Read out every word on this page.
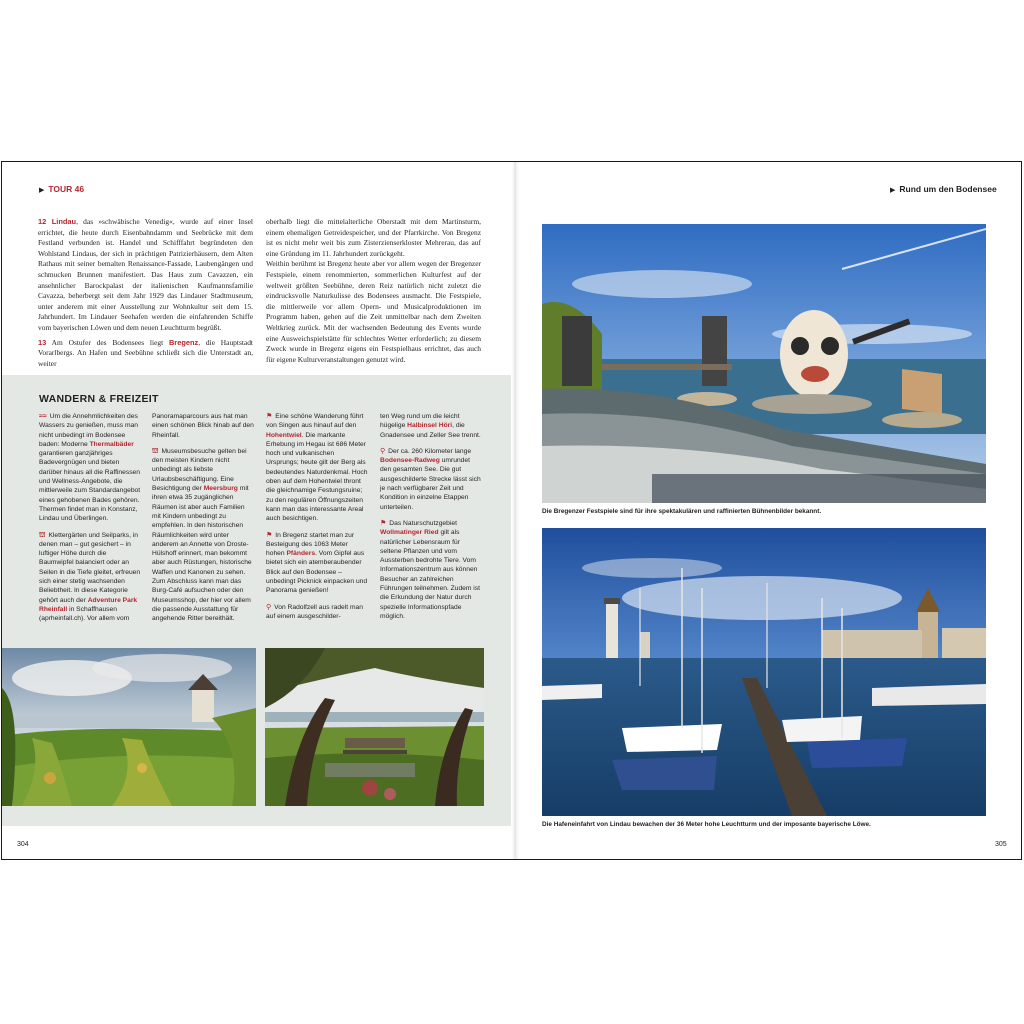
▶ TOUR 46	▶ Rund um den Bodensee

12 Lindau, das »schwäbische Venedig«, wurde auf einer Insel errichtet, die heute durch Eisenbahndamm und Seebrücke mit dem Festland verbunden ist. Handel und Schifffahrt begründeten den Wohlstand Lindaus, der sich in prächtigen Patrizierhäusern, dem Alten Rathaus mit seiner bemalten Renaissance-Fassade, Laubengängen und schmucken Brunnen manifestiert. Das Haus zum Cavazzen, ein ansehnlicher Barockpalast der italienischen Kaufmannsfamilie Cavazza, beherbergt seit dem Jahr 1929 das Lindauer Stadtmuseum, unter anderem mit einer Ausstellung zur Wohnkultur seit dem 15. Jahrhundert. Im Lindauer Seehafen werden die einfahrenden Schiffe vom bayerischen Löwen und dem neuen Leuchtturm begrüßt.

13 Am Ostufer des Bodensees liegt Bregenz, die Hauptstadt Vorarlbergs. An Hafen und Seebühne schließt sich die Unterstadt an, weiter

oberhalb liegt die mittelalterliche Oberstadt mit dem Martinsturm, einem ehemaligen Getreidespeicher, und der Pfarrkirche. Von Bregenz ist es nicht mehr weit bis zum Zisterzienserkloster Mehrerau, das auf eine Gründung im 11. Jahrhundert zurückgeht.

Weithin berühmt ist Bregenz heute aber vor allem wegen der Bregenzer Festspiele, einem renommierten, sommerlichen Kulturfest auf der weltweit größten Seebühne, deren Reiz natürlich nicht zuletzt die eindrucksvolle Naturkulisse des Bodensees ausmacht. Die Festspiele, die mittlerweile vor allem Opern- und Musicalproduktionen im Programm haben, gehen auf die Zeit unmittelbar nach dem Zweiten Weltkrieg zurück. Mit der wachsenden Bedeutung des Events wurde eine Ausweichspielstätte für schlechtes Wetter erforderlich; zu diesem Zweck wurde in Bregenz eigens ein Festspielhaus errichtet, das auch für eigene Kulturveranstaltungen genutzt wird.

WANDERN & FREIZEIT

≈≈ Um die Annehmlichkeiten des Wassers zu genießen, muss man nicht unbedingt im Bodensee baden: Moderne Thermalbäder garantieren ganzjähriges Badevergnügen und bieten darüber hinaus all die Raffinessen und Wellness-Angebote, die mittlerweile zum Standardangebot eines gehobenen Bades gehören. Thermen findet man in Konstanz, Lindau und Überlingen.

⛫ Klettergärten und Seilparks, in denen man – gut gesichert – in luftiger Höhe durch die Baumwipfel balanciert oder an Seilen in die Tiefe gleitet, erfreuen sich einer stetig wachsenden Beliebtheit. In diese Kategorie gehört auch der Adventure Park Rheinfall in Schaffhausen (aprheinfall.ch). Vor allem vom

Panoramaparcours aus hat man einen schönen Blick hinab auf den Rheinfall.

⛫ Museumsbesuche gelten bei den meisten Kindern nicht unbedingt als liebste Urlaubsbeschäftigung. Eine Besichtigung der Meersburg mit ihren etwa 35 zugänglichen Räumen ist aber auch Familien mit Kindern unbedingt zu empfehlen. In den historischen Räumlichkeiten wird unter anderem an Annette von Droste-Hülshoff erinnert, man bekommt aber auch Rüstungen, historische Waffen und Kanonen zu sehen. Zum Abschluss kann man das Burg-Café aufsuchen oder den Museumsshop, der hier vor allem die passende Ausstattung für angehende Ritter bereithält.

⚑ Eine schöne Wanderung führt von Singen aus hinauf auf den Hohentwiel. Die markante Erhebung im Hegau ist 686 Meter hoch und vulkanischen Ursprungs; heute gilt der Berg als bedeutendes Naturdenkmal. Hoch oben auf dem Hohentwiel thront die gleichnamige Festungsruine; zu den regulären Öffnungszeiten kann man das interessante Areal auch besichtigen.

⚑ In Bregenz startet man zur Besteigung des 1063 Meter hohen Pfänders. Vom Gipfel aus bietet sich ein atemberaubender Blick auf den Bodensee – unbedingt Picknick einpacken und Panorama genießen!

⚲ Von Radolfzell aus radelt man auf einem ausgeschilder-

ten Weg rund um die leicht hügelige Halbinsel Höri, die Gnadensee und Zeller See trennt.

⚲ Der ca. 260 Kilometer lange Bodensee-Radweg umrundet den gesamten See. Die gut ausgeschilderte Strecke lässt sich je nach verfügbarer Zeit und Kondition in einzelne Etappen unterteilen.

⚑ Das Naturschutzgebiet Wollmatinger Ried gilt als natürlicher Lebensraum für seltene Pflanzen und vom Aussterben bedrohte Tiere. Vom Informationszentrum aus können Besucher an zahlreichen Führungen teilnehmen. Zudem ist die Erkundung der Natur durch spezielle Informationspfade möglich.

Die Bregenzer Festspiele sind für ihre spektakulären und raffinierten Bühnenbilder bekannt.
Die Hafeneinfahrt von Lindau bewachen der 36 Meter hohe Leuchtturm und der imposante bayerische Löwe.
304	305
